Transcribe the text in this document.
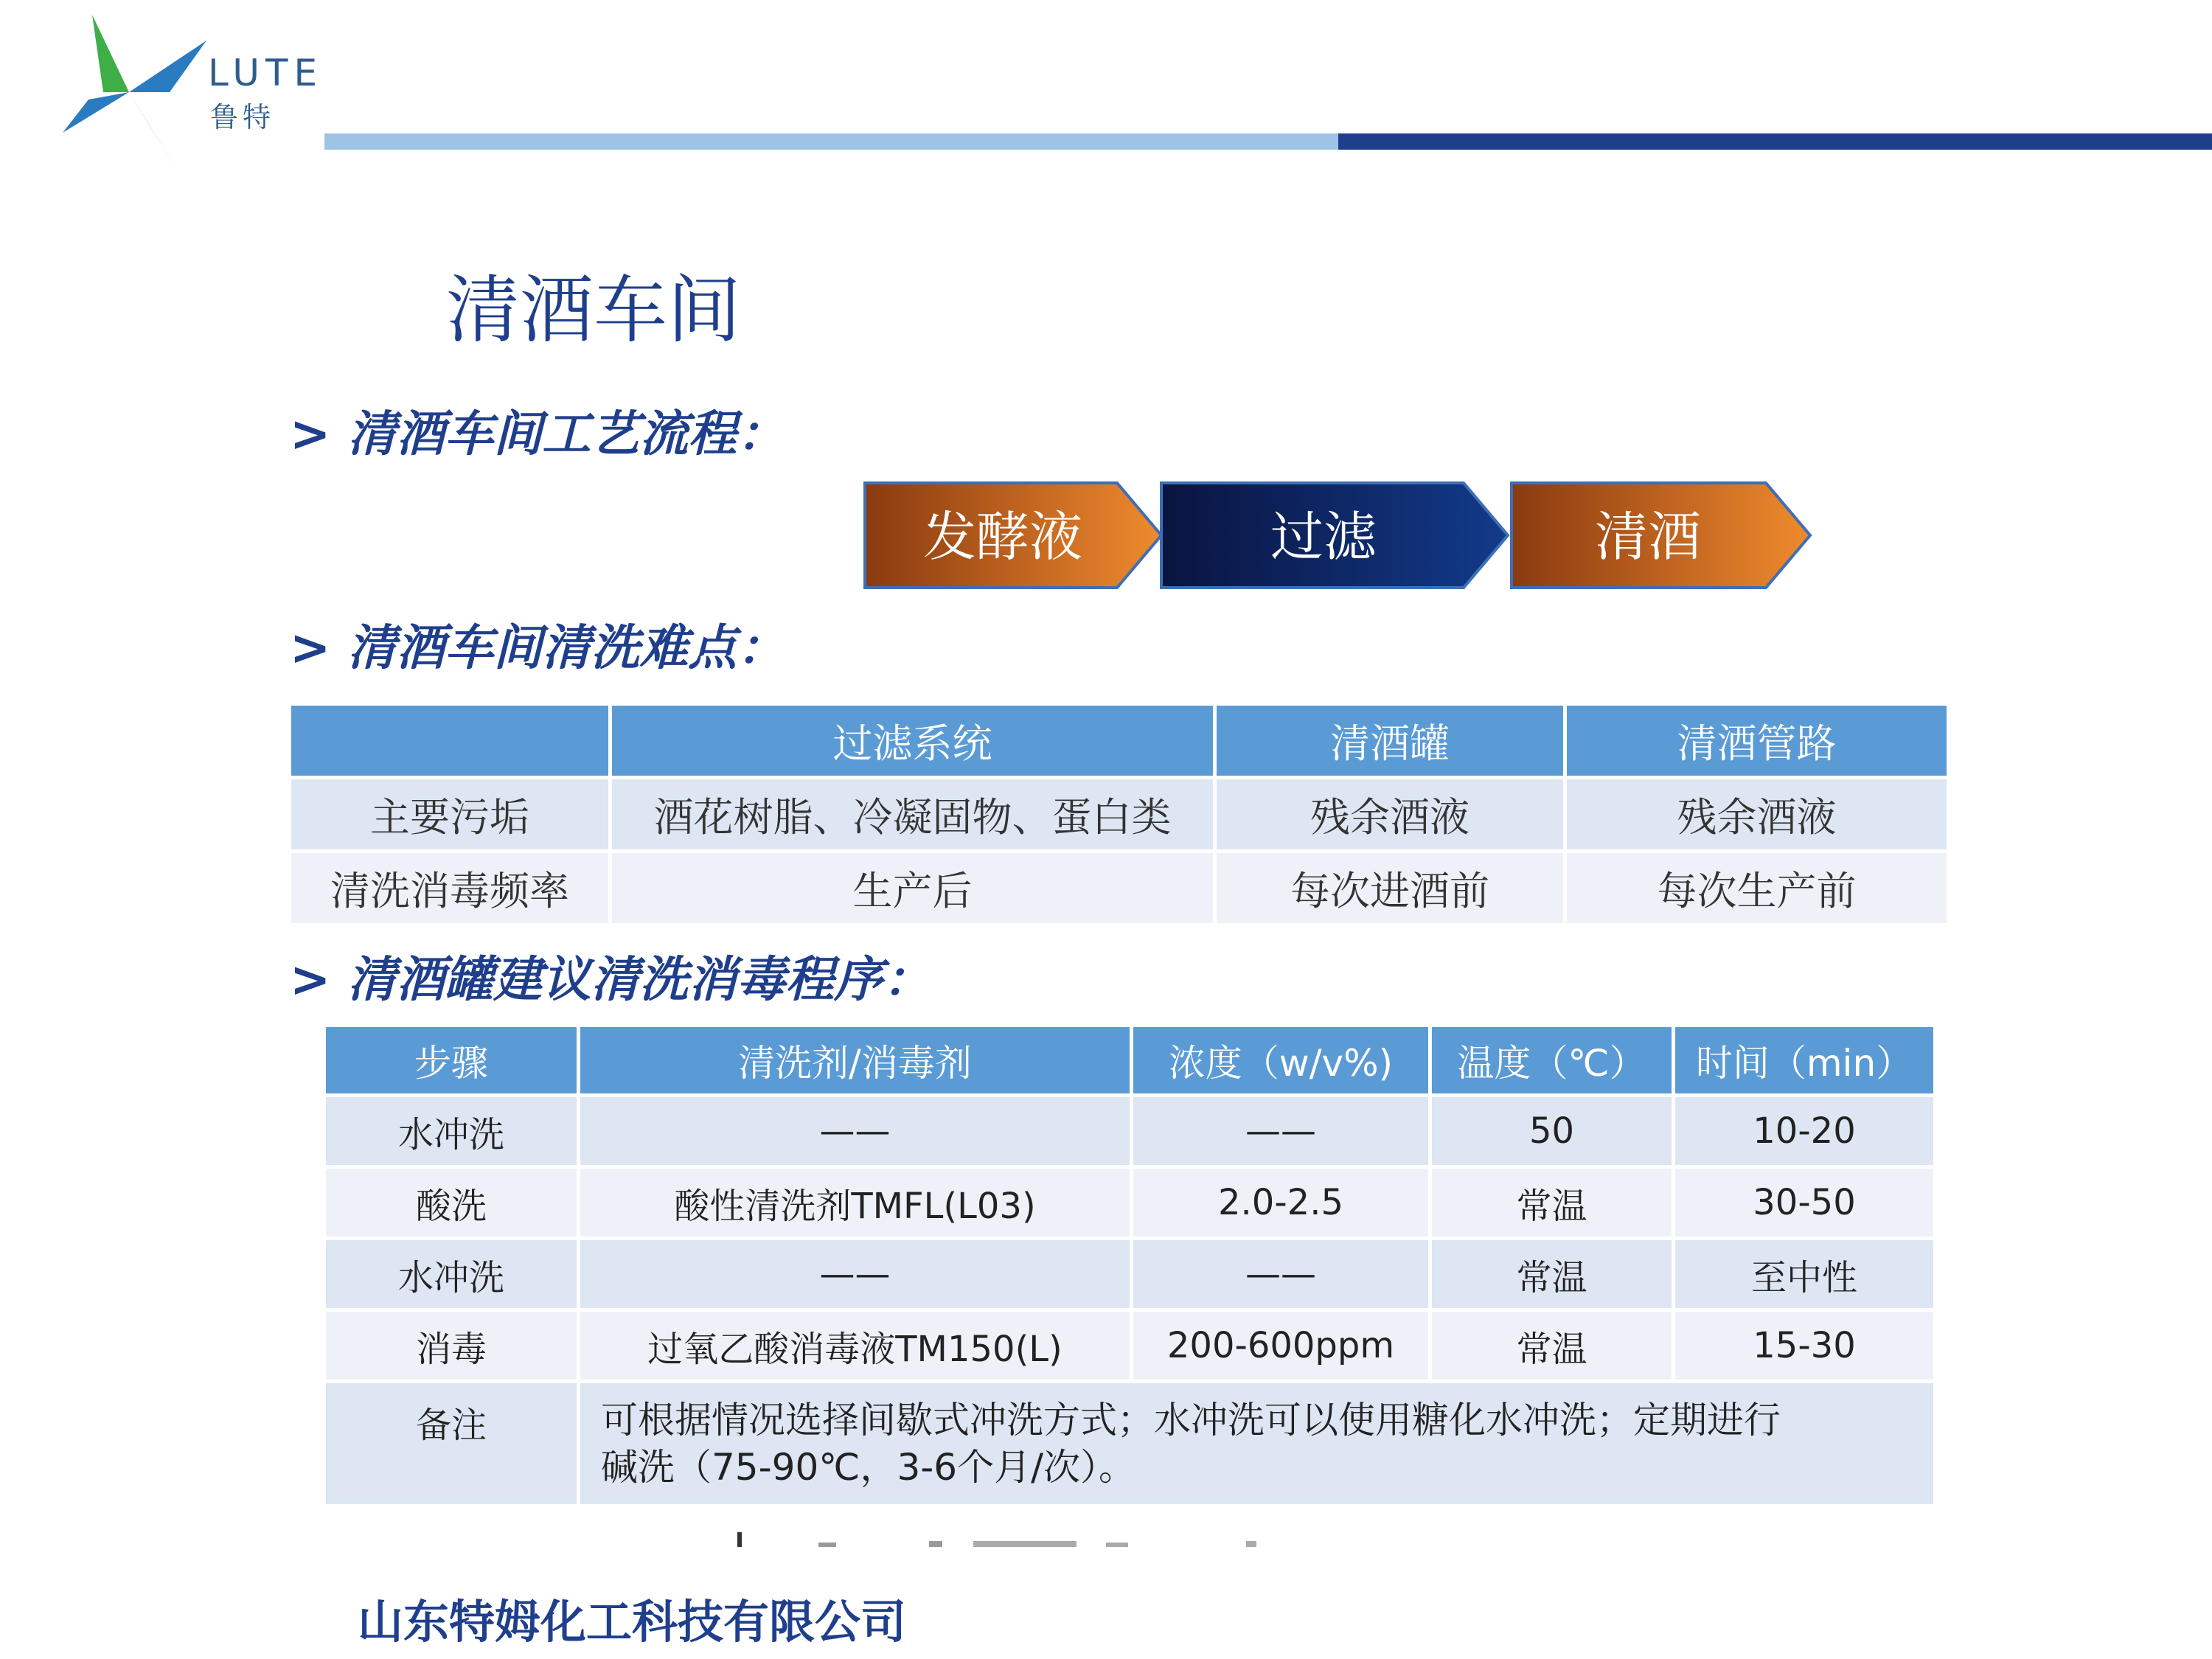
LUTE
鲁特
清酒车间
> 清酒车间工艺流程：
> 清酒车间清洗难点：
> 清酒罐建议清洗消毒程序：
发酵液	过滤	清酒
	过滤系统	清酒罐	清酒管路
主要污垢	酒花树脂、冷凝固物、蛋白类	残余酒液	残余酒液
清洗消毒频率	生产后	每次进酒前	每次生产前
步骤	清洗剂/消毒剂	浓度（w/v%)	温度（℃）	时间（min）
水冲洗	——	——	50	10-20
酸洗	酸性清洗剂TMFL(L03)	2.0-2.5	常温	30-50
水冲洗	——	——	常温	至中性
消毒	过氧乙酸消毒液TM150(L)	200-600ppm	常温	15-30
备注	可根据情况选择间歇式冲洗方式；水冲洗可以使用糖化水冲洗；定期进行
碱洗（75-90℃，3-6个月/次）。			
山东特姆化工科技有限公司
